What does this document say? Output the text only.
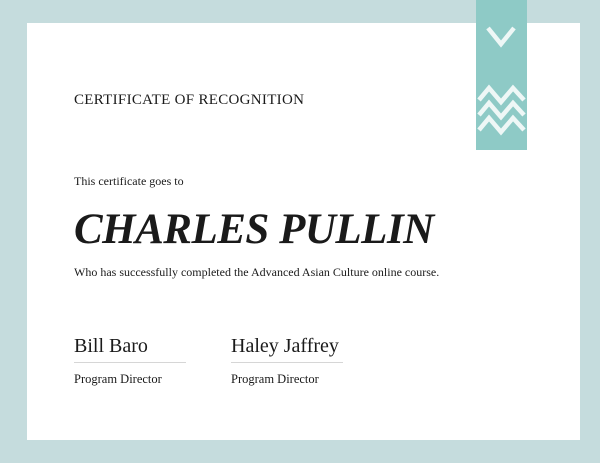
CERTIFICATE OF RECOGNITION
This certificate goes to
CHARLES PULLIN
Who has successfully completed the Advanced Asian Culture online course.
Bill Baro
Program Director
Haley Jaffrey
Program Director
